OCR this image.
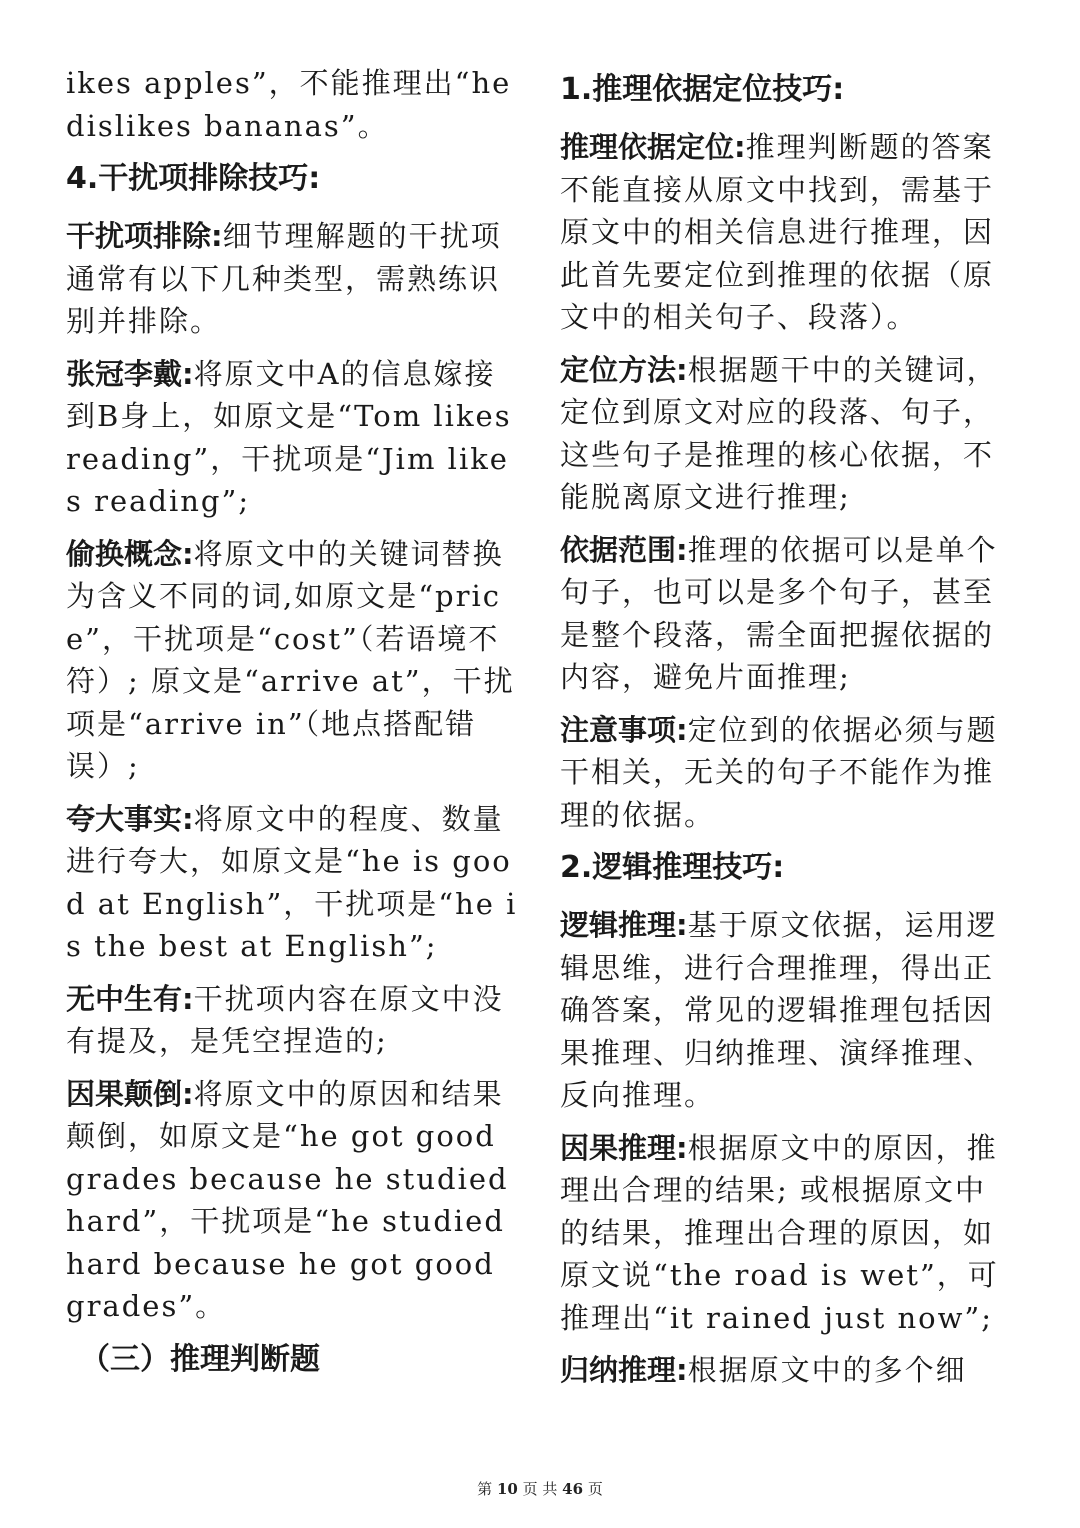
ikes apples”，不能推理出“he dislikes bananas”。

4.干扰项排除技巧:

干扰项排除:细节理解题的干扰项通常有以下几种类型，需熟练识别并排除。

张冠李戴:将原文中A的信息嫁接到B身上，如原文是“Tom likes reading”，干扰项是“Jim likes reading”;

偷换概念:将原文中的关键词替换为含义不同的词,如原文是“price”，干扰项是“cost”（若语境不符）; 原文是“arrive at”，干扰项是“arrive in”（地点搭配错误）;

夸大事实:将原文中的程度、数量进行夸大，如原文是“he is good at English”，干扰项是“he is the best at English”;

无中生有:干扰项内容在原文中没有提及，是凭空捏造的;

因果颠倒:将原文中的原因和结果颠倒，如原文是“he got good grades because he studied hard”，干扰项是“he studied hard because he got good grades”。

（三）推理判断题
1.推理依据定位技巧:

推理依据定位:推理判断题的答案不能直接从原文中找到，需基于原文中的相关信息进行推理，因此首先要定位到推理的依据（原文中的相关句子、段落）。

定位方法:根据题干中的关键词，定位到原文对应的段落、句子，这些句子是推理的核心依据，不能脱离原文进行推理;

依据范围:推理的依据可以是单个句子，也可以是多个句子，甚至是整个段落，需全面把握依据的内容，避免片面推理;

注意事项:定位到的依据必须与题干相关，无关的句子不能作为推理的依据。

2.逻辑推理技巧:

逻辑推理:基于原文依据，运用逻辑思维，进行合理推理，得出正确答案，常见的逻辑推理包括因果推理、归纳推理、演绎推理、反向推理。

因果推理:根据原文中的原因，推理出合理的结果; 或根据原文中的结果，推理出合理的原因，如原文说“the road is wet”，可推理出“it rained just now”;

归纳推理:根据原文中的多个细

第 10 页 共 46 页
